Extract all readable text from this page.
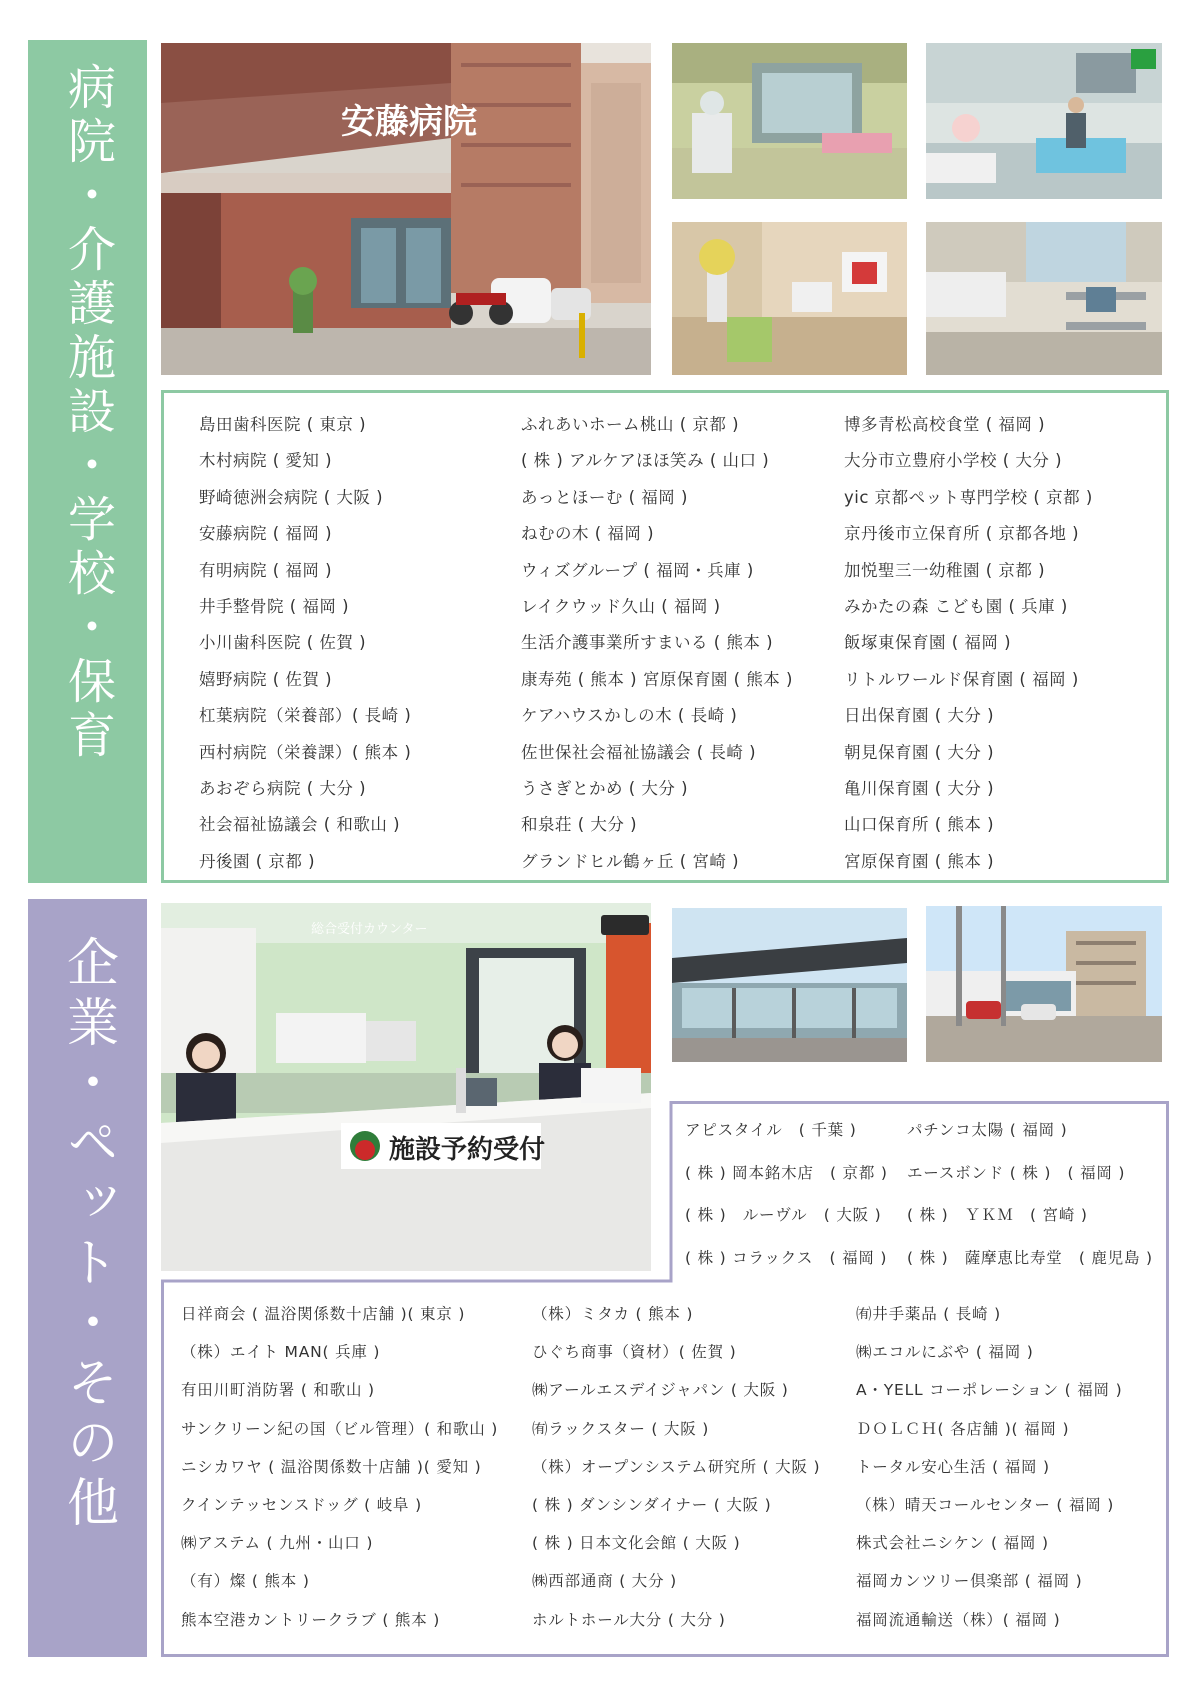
病院・介護施設・学校・保育
企業・ペット・その他
安藤病院
島田歯科医院 ( 東京 )
木村病院 ( 愛知 )
野崎徳洲会病院 ( 大阪 )
安藤病院 ( 福岡 )
有明病院 ( 福岡 )
井手整骨院 ( 福岡 )
小川歯科医院 ( 佐賀 )
嬉野病院 ( 佐賀 )
杠葉病院（栄養部）( 長崎 )
西村病院（栄養課）( 熊本 )
あおぞら病院 ( 大分 )
社会福祉協議会 ( 和歌山 )
丹後園 ( 京都 )
ふれあいホーム桃山 ( 京都 )
( 株 ) アルケアほほ笑み ( 山口 )
あっとほーむ ( 福岡 )
ねむの木 ( 福岡 )
ウィズグループ ( 福岡・兵庫 )
レイクウッド久山 ( 福岡 )
生活介護事業所すまいる ( 熊本 )
康寿苑 ( 熊本 ) 宮原保育園 ( 熊本 )
ケアハウスかしの木 ( 長崎 )
佐世保社会福祉協議会 ( 長崎 )
うさぎとかめ ( 大分 )
和泉荘 ( 大分 )
グランドヒル鶴ヶ丘 ( 宮崎 )
博多青松高校食堂 ( 福岡 )
大分市立豊府小学校 ( 大分 )
yic 京都ペット専門学校 ( 京都 )
京丹後市立保育所 ( 京都各地 )
加悦聖三一幼稚園 ( 京都 )
みかたの森 こども園 ( 兵庫 )
飯塚東保育園 ( 福岡 )
リトルワールド保育園 ( 福岡 )
日出保育園 ( 大分 )
朝見保育園 ( 大分 )
亀川保育園 ( 大分 )
山口保育所 ( 熊本 )
宮原保育園 ( 熊本 )
施設予約受付
総合受付カウンター
アピスタイル　( 千葉 )
( 株 ) 岡本銘木店　( 京都 )
( 株 )　ルーヴル　( 大阪 )
( 株 ) コラックス　( 福岡 )
パチンコ太陽 ( 福岡 )
エースボンド ( 株 )　( 福岡 )
( 株 )　ＹＫＭ　( 宮崎 )
( 株 )　薩摩恵比寿堂　( 鹿児島 )
日祥商会 ( 温浴関係数十店舗 )( 東京 )
（株）エイト MAN( 兵庫 )
有田川町消防署 ( 和歌山 )
サンクリーン紀の国（ビル管理）( 和歌山 )
ニシカワヤ ( 温浴関係数十店舗 )( 愛知 )
クインテッセンスドッグ ( 岐阜 )
㈱アステム ( 九州・山口 )
（有）燦 ( 熊本 )
熊本空港カントリークラブ ( 熊本 )
（株）ミタカ ( 熊本 )
ひぐち商事（資材）( 佐賀 )
㈱アールエスデイジャパン ( 大阪 )
㈲ラックスター ( 大阪 )
（株）オープンシステム研究所 ( 大阪 )
( 株 ) ダンシンダイナー ( 大阪 )
( 株 ) 日本文化会館 ( 大阪 )
㈱西部通商 ( 大分 )
ホルトホール大分 ( 大分 )
㈲井手薬品 ( 長崎 )
㈱エコルにぶや ( 福岡 )
A・YELL コーポレーション ( 福岡 )
ＤＯＬＣＨ( 各店舗 )( 福岡 )
トータル安心生活 ( 福岡 )
（株）晴天コールセンター ( 福岡 )
株式会社ニシケン ( 福岡 )
福岡カンツリー倶楽部 ( 福岡 )
福岡流通輸送（株）( 福岡 )
